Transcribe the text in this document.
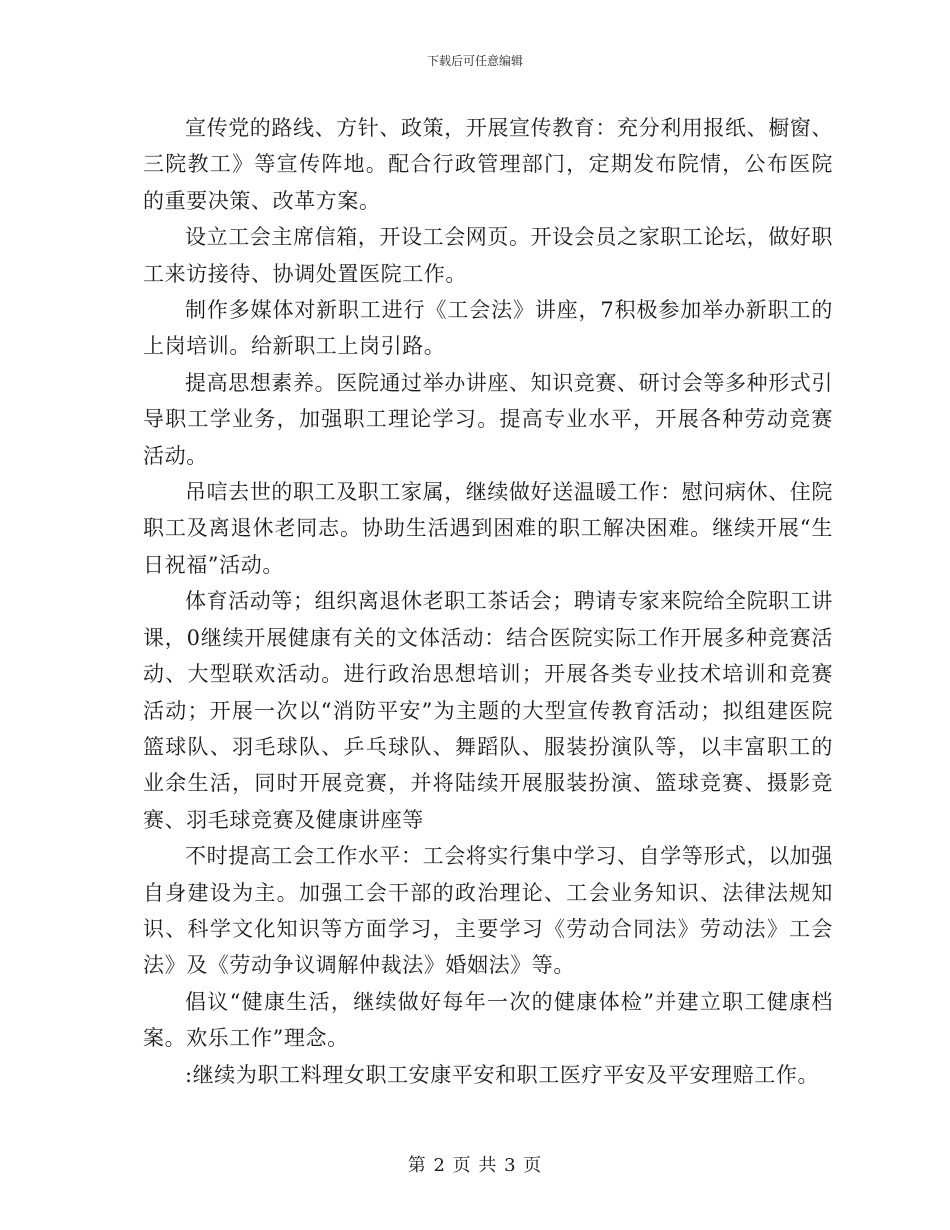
下载后可任意编辑

宣传党的路线、方针、政策，开展宣传教育：充分利用报纸、橱窗、三院教工》等宣传阵地。配合行政管理部门，定期发布院情，公布医院的重要决策、改革方案。

设立工会主席信箱，开设工会网页。开设会员之家职工论坛，做好职工来访接待、协调处置医院工作。

制作多媒体对新职工进行《工会法》讲座，7积极参加举办新职工的上岗培训。给新职工上岗引路。

提高思想素养。医院通过举办讲座、知识竞赛、研讨会等多种形式引导职工学业务，加强职工理论学习。提高专业水平，开展各种劳动竞赛活动。

吊唁去世的职工及职工家属，继续做好送温暖工作：慰问病休、住院职工及离退休老同志。协助生活遇到困难的职工解决困难。继续开展“生日祝福”活动。

体育活动等；组织离退休老职工茶话会；聘请专家来院给全院职工讲课，0继续开展健康有关的文体活动：结合医院实际工作开展多种竞赛活动、大型联欢活动。进行政治思想培训；开展各类专业技术培训和竞赛活动；开展一次以“消防平安”为主题的大型宣传教育活动；拟组建医院篮球队、羽毛球队、乒乓球队、舞蹈队、服装扮演队等，以丰富职工的业余生活，同时开展竞赛，并将陆续开展服装扮演、篮球竞赛、摄影竞赛、羽毛球竞赛及健康讲座等

不时提高工会工作水平：工会将实行集中学习、自学等形式，以加强自身建设为主。加强工会干部的政治理论、工会业务知识、法律法规知识、科学文化知识等方面学习，主要学习《劳动合同法》劳动法》工会法》及《劳动争议调解仲裁法》婚姻法》等。

倡议“健康生活，继续做好每年一次的健康体检”并建立职工健康档案。欢乐工作”理念。

:继续为职工料理女职工安康平安和职工医疗平安及平安理赔工作。

第 2 页 共 3 页
